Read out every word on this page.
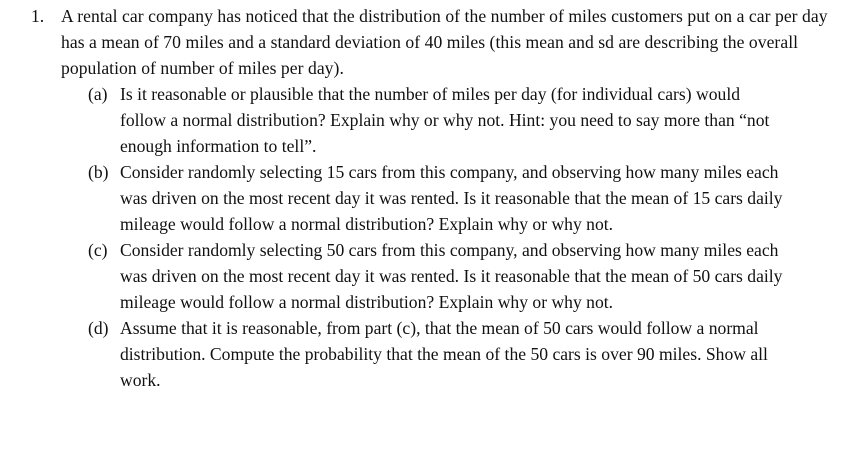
1. A rental car company has noticed that the distribution of the number of miles customers put on a car per day has a mean of 70 miles and a standard deviation of 40 miles (this mean and sd are describing the overall population of number of miles per day).
(a) Is it reasonable or plausible that the number of miles per day (for individual cars) would follow a normal distribution? Explain why or why not. Hint: you need to say more than “not enough information to tell”.
(b) Consider randomly selecting 15 cars from this company, and observing how many miles each was driven on the most recent day it was rented. Is it reasonable that the mean of 15 cars daily mileage would follow a normal distribution? Explain why or why not.
(c) Consider randomly selecting 50 cars from this company, and observing how many miles each was driven on the most recent day it was rented. Is it reasonable that the mean of 50 cars daily mileage would follow a normal distribution? Explain why or why not.
(d) Assume that it is reasonable, from part (c), that the mean of 50 cars would follow a normal distribution. Compute the probability that the mean of the 50 cars is over 90 miles. Show all work.
